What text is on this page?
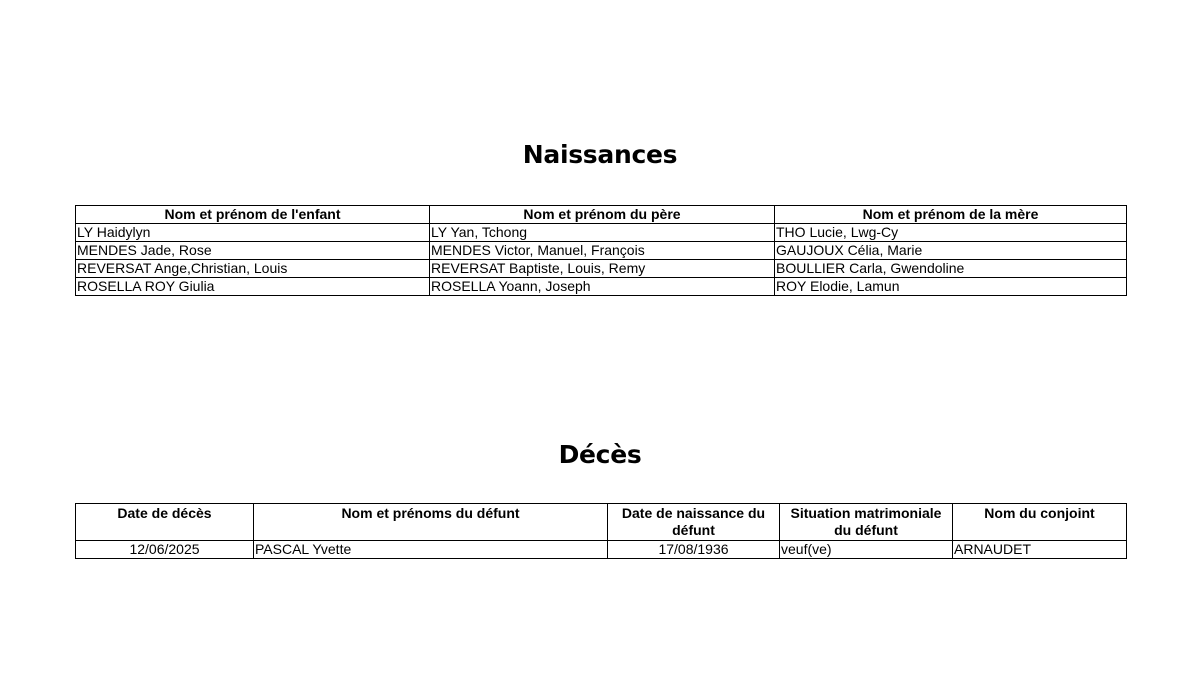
Naissances
Nom et prénom de l'enfant	Nom et prénom du père	Nom et prénom de la mère
LY Haidylyn	LY Yan, Tchong	THO Lucie, Lwg-Cy
MENDES Jade, Rose	MENDES Victor, Manuel, François	GAUJOUX Célia, Marie
REVERSAT Ange,Christian, Louis	REVERSAT Baptiste, Louis, Remy	BOULLIER Carla, Gwendoline
ROSELLA ROY Giulia	ROSELLA Yoann, Joseph	ROY Elodie, Lamun
Décès
Date de décès	Nom et prénoms du défunt	Date de naissance du défunt	Situation matrimoniale du défunt	Nom du conjoint
12/06/2025	PASCAL Yvette	17/08/1936	veuf(ve)	ARNAUDET
